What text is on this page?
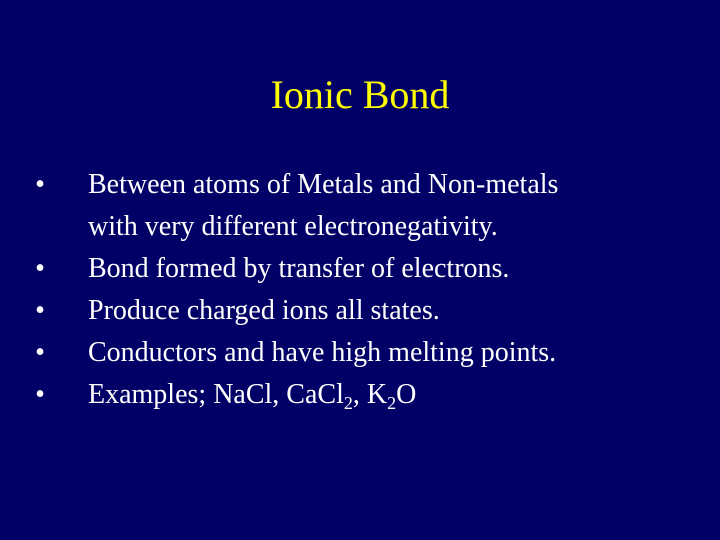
Ionic Bond
• Between atoms of Metals and Non-metals
with very different electronegativity.
• Bond formed by transfer of electrons.
• Produce charged ions all states.
• Conductors and have high melting points.
• Examples; NaCl, CaCl$_2$, $K_2O$
